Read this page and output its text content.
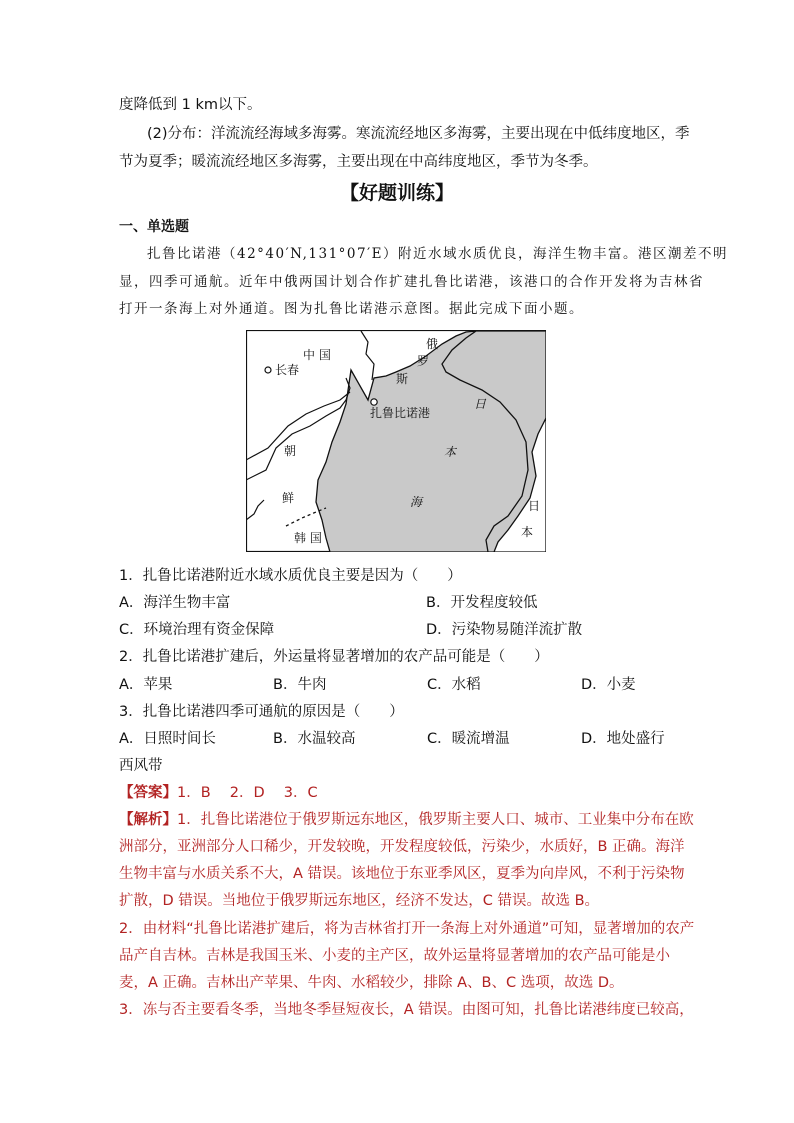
度降低到 1 km以下。
(2)分布：洋流流经海域多海雾。寒流流经地区多海雾，主要出现在中低纬度地区，季
节为夏季；暖流流经地区多海雾，主要出现在中高纬度地区，季节为冬季。
【好题训练】
一、单选题
扎鲁比诺港（42°40′N,131°07′E）附近水域水质优良，海洋生物丰富。港区潮差不明
显，四季可通航。近年中俄两国计划合作扩建扎鲁比诺港，该港口的合作开发将为吉林省
打开一条海上对外通道。图为扎鲁比诺港示意图。据此完成下面小题。
中 国
长春
俄
罗
斯
扎鲁比诺港
朝
鲜
韩 国
日
本
海	日
本
1．扎鲁比诺港附近水域水质优良主要是因为（　　）
A．海洋生物丰富	B．开发程度较低
C．环境治理有资金保障	D．污染物易随洋流扩散
2．扎鲁比诺港扩建后，外运量将显著增加的农产品可能是（　　）
A．苹果	B．牛肉	C．水稻	D．小麦
3．扎鲁比诺港四季可通航的原因是（　　）
A．日照时间长	B．水温较高	C．暖流增温	D．地处盛行
西风带
【答案】1．B　 2．D　 3．C
【解析】1．扎鲁比诺港位于俄罗斯远东地区，俄罗斯主要人口、城市、工业集中分布在欧
洲部分，亚洲部分人口稀少，开发较晚，开发程度较低，污染少，水质好，B 正确。海洋
生物丰富与水质关系不大，A 错误。该地位于东亚季风区，夏季为向岸风，不利于污染物
扩散，D 错误。当地位于俄罗斯远东地区，经济不发达，C 错误。故选 B。
2．由材料“扎鲁比诺港扩建后，将为吉林省打开一条海上对外通道”可知，显著增加的农产
品产自吉林。吉林是我国玉米、小麦的主产区，故外运量将显著增加的农产品可能是小
麦，A 正确。吉林出产苹果、牛肉、水稻较少，排除 A、B、C 选项，故选 D。
3．冻与否主要看冬季，当地冬季昼短夜长，A 错误。由图可知，扎鲁比诺港纬度已较高，
